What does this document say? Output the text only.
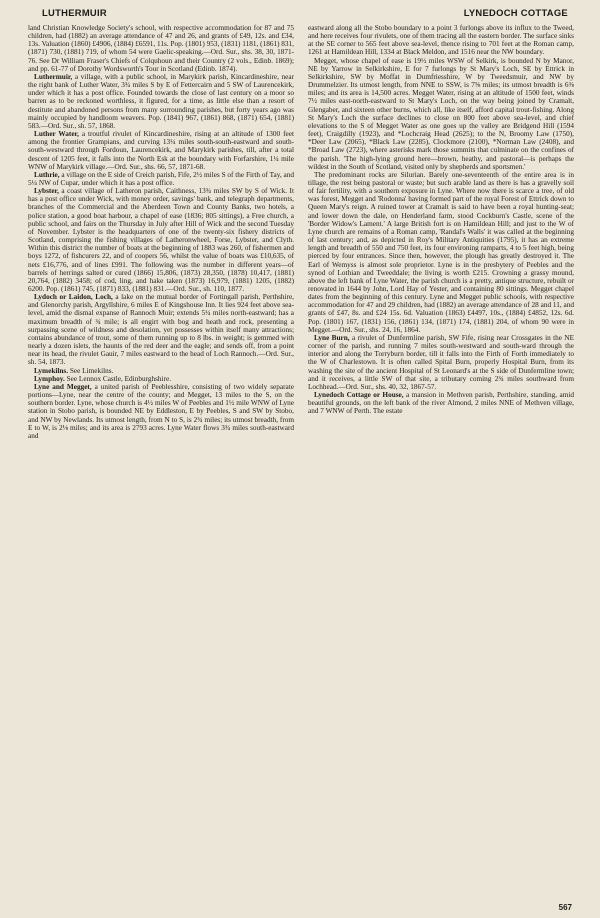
LUTHERMUIR	LYNEDOCH COTTAGE

land Christian Knowledge Society's school, with respective accommodation for 87 and 75 children, had (1882) an average attendance of 47 and 26, and grants of £49, 12s. and £34, 13s. Valuation (1860) £4906, (1884) £6591, 11s. Pop. (1801) 953, (1831) 1181, (1861) 831, (1871) 730, (1881) 719, of whom 54 were Gaelic-speaking.—Ord. Sur., shs. 38, 30, 1871-76. See Dr William Fraser's Chiefs of Colquhoun and their Country (2 vols., Edinb. 1869); and pp. 61-77 of Dorothy Wordsworth's Tour in Scotland (Edinb. 1874).

Luthermuir, a village, with a public school, in Marykirk parish, Kincardineshire, near the right bank of Luther Water, 3¾ miles S by E of Fettercairn and 5 SW of Laurencekirk, under which it has a post office. Founded towards the close of last century on a moor so barren as to be reckoned worthless, it figured, for a time, as little else than a resort of destitute and abandoned persons from many surrounding parishes, but forty years ago was mainly occupied by handloom weavers. Pop. (1841) 967, (1861) 868, (1871) 654, (1881) 583.—Ord. Sur., sh. 57, 1868.

Luther Water, a troutful rivulet of Kincardineshire, rising at an altitude of 1300 feet among the frontier Grampians, and curving 13¼ miles south-south-eastward and south-south-westward through Fordoun, Laurencekirk, and Marykirk parishes, till, after a total descent of 1205 feet, it falls into the North Esk at the boundary with Forfarshire, 1¼ mile WNW of Marykirk village.—Ord. Sur., shs. 66, 57, 1871-68.

Luthrie, a village on the E side of Creich parish, Fife, 2½ miles S of the Firth of Tay, and 5¼ NW of Cupar, under which it has a post office.

Lybster, a coast village of Latheron parish, Caithness, 13¾ miles SW by S of Wick. It has a post office under Wick, with money order, savings' bank, and telegraph departments, branches of the Commercial and the Aberdeen Town and County Banks, two hotels, a police station, a good boat harbour, a chapel of ease (1836; 805 sittings), a Free church, a public school, and fairs on the Thursday in July after Hill of Wick and the second Tuesday of November. Lybster is the headquarters of one of the twenty-six fishery districts of Scotland, comprising the fishing villages of Latheronwheel, Forse, Lybster, and Clyth. Within this district the number of boats at the beginning of 1883 was 260, of fishermen and boys 1272, of fishcurers 22, and of coopers 56, whilst the value of boats was £10,635, of nets £16,776, and of lines £991. The following was the number in different years—of barrels of herrings salted or cured (1866) 15,806, (1873) 28,350, (1878) 10,417, (1881) 20,764, (1882) 3458; of cod, ling, and hake taken (1873) 16,979, (1881) 1205, (1882) 6200. Pop. (1861) 745, (1871) 833, (1881) 831.—Ord. Sur., sh. 110, 1877.

Lydoch or Laidon, Loch, a lake on the mutual border of Fortingall parish, Perthshire, and Glenorchy parish, Argyllshire, 6 miles E of Kingshouse Inn. It lies 924 feet above sea-level, amid the dismal expanse of Rannoch Muir; extends 5¼ miles north-eastward; has a maximum breadth of ¾ mile; is all engirt with bog and heath and rock, presenting a surpassing scene of wildness and desolation, yet possesses within itself many attractions; contains abundance of trout, some of them running up to 8 lbs. in weight; is gemmed with nearly a dozen islets, the haunts of the red deer and the eagle; and sends off, from a point near its head, the rivulet Gauir, 7 miles eastward to the head of Loch Rannoch.—Ord. Sur., sh. 54, 1873.

Lymekilns. See Limekilns.

Lymphoy. See Lennox Castle, Edinburghshire.

Lyne and Megget, a united parish of Peeblesshire, consisting of two widely separate portions—Lyne, near the centre of the county; and Megget, 13 miles to the S, on the southern border. Lyne, whose church is 4½ miles W of Peebles and 1½ mile WNW of Lyne station in Stobo parish, is bounded NE by Eddleston, E by Peebles, S and SW by Stobo, and NW by Newlands. Its utmost length, from N to S, is 2¾ miles; its utmost breadth, from E to W, is 2⅛ miles; and its area is 2793 acres. Lyne Water flows 3¾ miles south-eastward and

eastward along all the Stobo boundary to a point 3 furlongs above its influx to the Tweed, and here receives four rivulets, one of them tracing all the eastern border. The surface sinks at the SE corner to 565 feet above sea-level, thence rising to 701 feet at the Roman camp, 1261 at Hamildean Hill, 1334 at Black Meldon, and 1516 near the NW boundary.

Megget, whose chapel of ease is 19½ miles WSW of Selkirk, is bounded N by Manor, NE by Yarrow in Selkirkshire, E for 7 furlongs by St Mary's Loch, SE by Ettrick in Selkirkshire, SW by Moffat in Dumfriesshire, W by Tweedsmuir, and NW by Drummelzier. Its utmost length, from NNE to SSW, is 7⅝ miles; its utmost breadth is 6⅜ miles; and its area is 14,500 acres. Megget Water, rising at an altitude of 1500 feet, winds 7½ miles east-north-eastward to St Mary's Loch, on the way being joined by Cramalt, Glengaber, and sixteen other burns, which all, like itself, afford capital trout-fishing. Along St Mary's Loch the surface declines to close on 800 feet above sea-level, and chief elevations to the S of Megget Water as one goes up the valley are Bridgend Hill (1594 feet), Craigdilly (1923), and *Lochcraig Head (2625); to the N, Broomy Law (1750), *Deer Law (2065), *Black Law (2285), Clockmore (2100), *Norman Law (2408), and *Broad Law (2723), where asterisks mark those summits that culminate on the confines of the parish. 'The high-lying ground here—brown, heathy, and pastoral—is perhaps the wildest in the South of Scotland, visited only by shepherds and sportsmen.'

The predominant rocks are Silurian. Barely one-seventeenth of the entire area is in tillage, the rest being pastoral or waste; but such arable land as there is has a gravelly soil of fair fertility, with a southern exposure in Lyne. Where now there is scarce a tree, of old was forest, Megget and 'Rodonna' having formed part of the royal Forest of Ettrick down to Queen Mary's reign. A ruined tower at Cramalt is said to have been a royal hunting-seat; and lower down the dale, on Henderland farm, stood Cockburn's Castle, scene of the 'Border Widow's Lament.' A large British fort is on Hamildean Hill; and just to the W of Lyne church are remains of a Roman camp, 'Randal's Walls' it was called at the beginning of last century; and, as depicted in Roy's Military Antiquities (1795), it has an extreme length and breadth of 550 and 750 feet, its four environing ramparts, 4 to 5 feet high, being pierced by four entrances. Since then, however, the plough has greatly destroyed it. The Earl of Wemyss is almost sole proprietor. Lyne is in the presbytery of Peebles and the synod of Lothian and Tweeddale; the living is worth £215. Crowning a grassy mound, above the left bank of Lyne Water, the parish church is a pretty, antique structure, rebuilt or renovated in 1644 by John, Lord Hay of Yester, and containing 80 sittings. Megget chapel dates from the beginning of this century. Lyne and Megget public schools, with respective accommodation for 47 and 29 children, had (1882) an average attendance of 28 and 11, and grants of £47, 8s. and £24 15s. 6d. Valuation (1863) £4497, 10s., (1884) £4852, 12s. 6d. Pop. (1801) 167, (1831) 156, (1861) 134, (1871) 174, (1881) 204, of whom 90 were in Megget.—Ord. Sur., shs. 24, 16, 1864.

Lyne Burn, a rivulet of Dunfermline parish, SW Fife, rising near Crossgates in the NE corner of the parish, and running 7 miles south-westward and south-ward through the interior and along the Torryburn border, till it falls into the Firth of Forth immediately to the W of Charlestown. It is often called Spital Burn, properly Hospital Burn, from its washing the site of the ancient Hospital of St Leonard's at the S side of Dunfermline town; and it receives, a little SW of that site, a tributary coming 2¾ miles southward from Lochhead.—Ord. Sur., shs. 40, 32, 1867-57.

Lynedoch Cottage or House, a mansion in Methven parish, Perthshire, standing, amid beautiful grounds, on the left bank of the river Almond, 2 miles NNE of Methven village, and 7 WNW of Perth. The estate

567
